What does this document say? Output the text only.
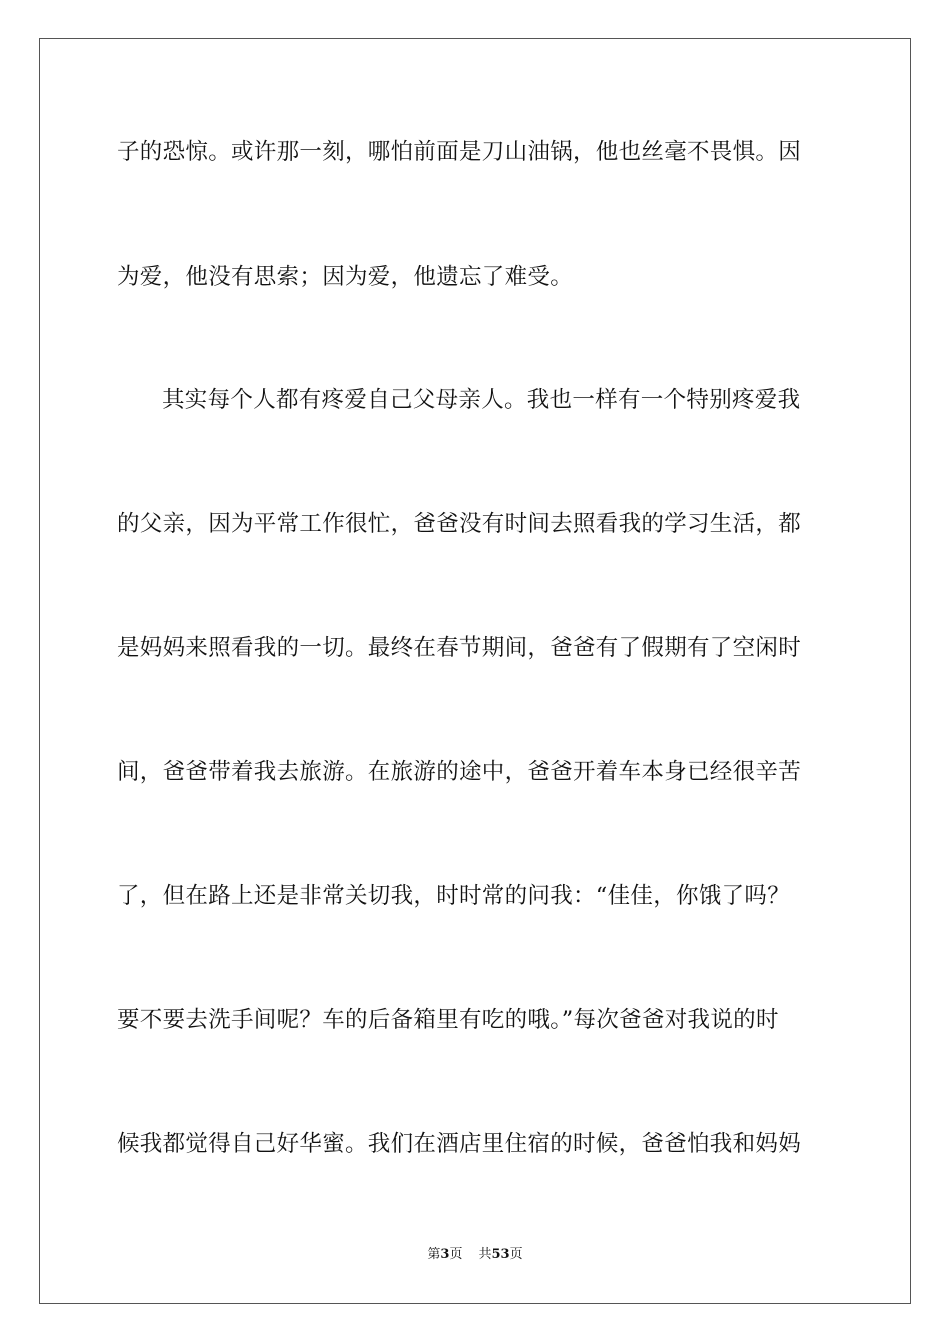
子的恐惊。或许那一刻，哪怕前面是刀山油锅，他也丝毫不畏惧。因
为爱，他没有思索；因为爱，他遗忘了难受。
其实每个人都有疼爱自己父母亲人。我也一样有一个特别疼爱我
的父亲，因为平常工作很忙，爸爸没有时间去照看我的学习生活，都
是妈妈来照看我的一切。最终在春节期间，爸爸有了假期有了空闲时
间，爸爸带着我去旅游。在旅游的途中，爸爸开着车本身已经很辛苦
了，但在路上还是非常关切我，时时常的问我：“佳佳，你饿了吗？
要不要去洗手间呢？车的后备箱里有吃的哦。”每次爸爸对我说的时
候我都觉得自己好华蜜。我们在酒店里住宿的时候，爸爸怕我和妈妈
第3页 共53页
